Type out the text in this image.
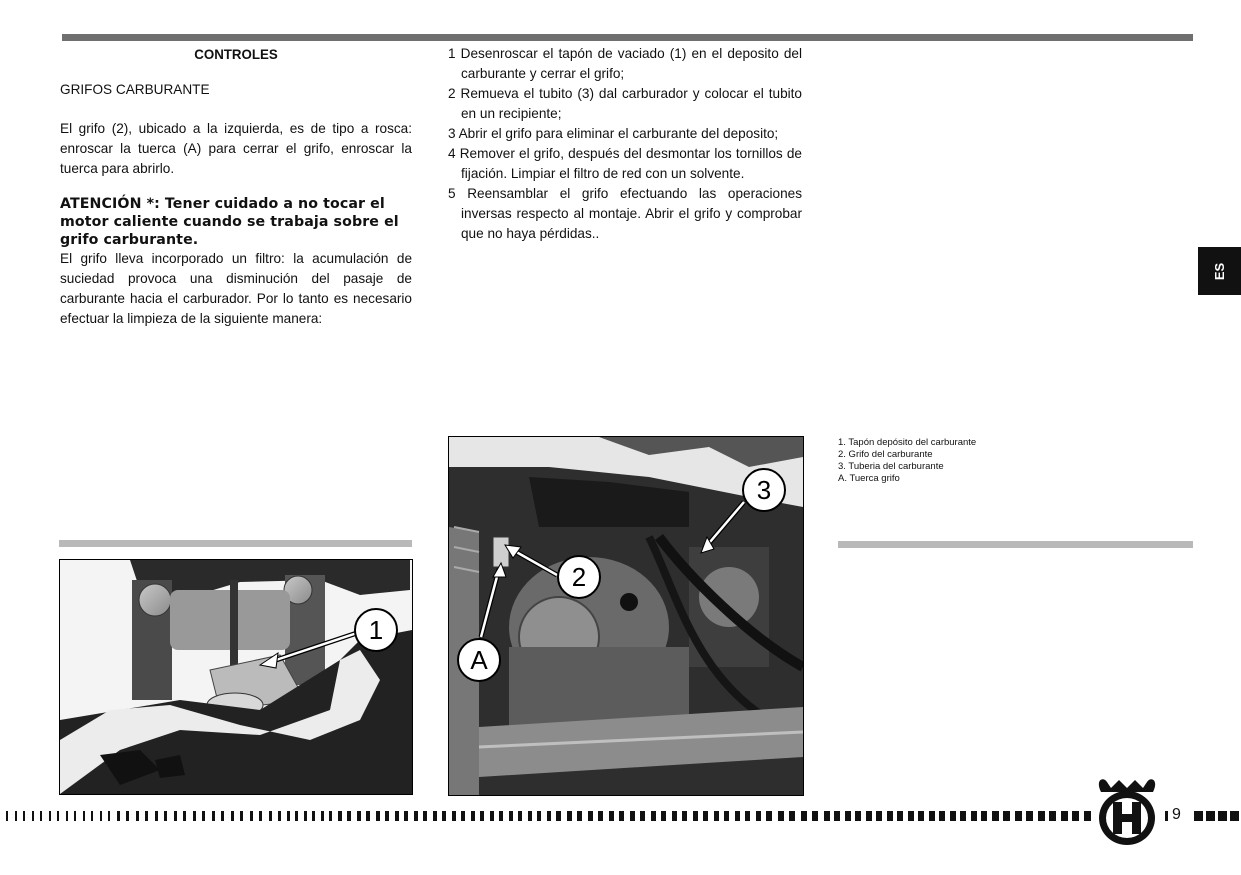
CONTROLES

GRIFOS CARBURANTE

El grifo (2), ubicado a la izquierda, es de tipo a rosca: enroscar la tuerca (A) para cerrar el grifo, enroscar la tuerca para abrirlo.

ATENCIÓN *: Tener cuidado a no tocar el motor caliente cuando se trabaja sobre el grifo carburante.

El grifo lleva incorporado un filtro: la acumulación de suciedad provoca una disminución del pasaje de carburante hacia el carburador. Por lo tanto es necesario efectuar la limpieza de la siguiente manera:

1 Desenroscar el tapón de vaciado (1) en el deposito del carburante y cerrar el grifo;
2 Remueva el tubito (3) dal carburador y colocar el tubito en un recipiente;
3 Abrir el grifo para eliminar el carburante del deposito;
4 Remover el grifo, después del desmontar los tornillos de fijación. Limpiar el filtro de red con un solvente.
5 Reensamblar el grifo efectuando las operaciones inversas respecto al montaje. Abrir el grifo y comprobar que no haya pérdidas..
1
3
2
A
1. Tapón depósito del carburante
2. Grifo del carburante
3. Tuberia del carburante
A. Tuerca grifo
ES
9
